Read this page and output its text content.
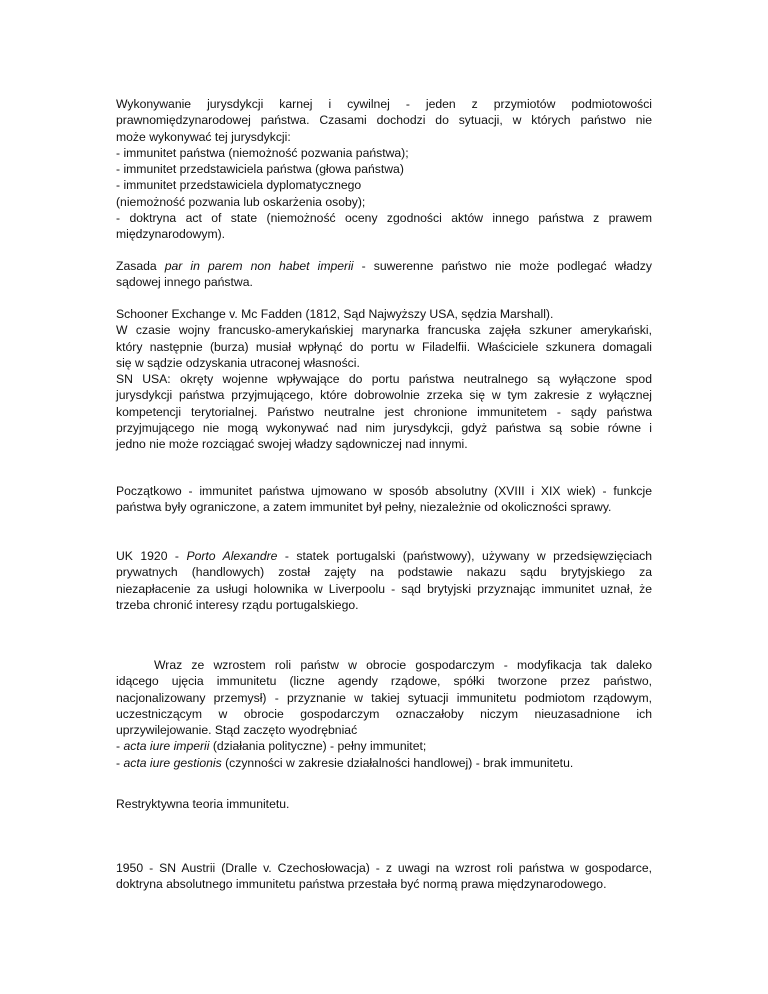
Wykonywanie jurysdykcji karnej i cywilnej - jeden z przymiotów podmiotowości
prawnomiędzynarodowej państwa. Czasami dochodzi do sytuacji, w których państwo nie
może wykonywać tej jurysdykcji:
- immunitet państwa (niemożność pozwania państwa);
- immunitet przedstawiciela państwa (głowa państwa)
- immunitet przedstawiciela dyplomatycznego
(niemożność pozwania lub oskarżenia osoby);
- doktryna act of state (niemożność oceny zgodności aktów innego państwa z prawem
międzynarodowym).
Zasada par in parem non habet imperii - suwerenne państwo nie może podlegać władzy
sądowej innego państwa.
Schooner Exchange v. Mc Fadden (1812, Sąd Najwyższy USA, sędzia Marshall).
W czasie wojny francusko-amerykańskiej marynarka francuska zajęła szkuner amerykański,
który następnie (burza) musiał wpłynąć do portu w Filadelfii. Właściciele szkunera domagali
się w sądzie odzyskania utraconej własności.
SN USA: okręty wojenne wpływające do portu państwa neutralnego są wyłączone spod
jurysdykcji państwa przyjmującego, które dobrowolnie zrzeka się w tym zakresie z wyłącznej
kompetencji terytorialnej. Państwo neutralne jest chronione immunitetem - sądy państwa
przyjmującego nie mogą wykonywać nad nim jurysdykcji, gdyż państwa są sobie równe i
jedno nie może rozciągać swojej władzy sądowniczej nad innymi.
Początkowo - immunitet państwa ujmowano w sposób absolutny (XVIII i XIX wiek) - funkcje
państwa były ograniczone, a zatem immunitet był pełny, niezależnie od okoliczności sprawy.
UK 1920 - Porto Alexandre - statek portugalski (państwowy), używany w przedsięwzięciach
prywatnych (handlowych) został zajęty na podstawie nakazu sądu brytyjskiego za
niezapłacenie za usługi holownika w Liverpoolu - sąd brytyjski przyznając immunitet uznał, że
trzeba chronić interesy rządu portugalskiego.
Wraz ze wzrostem roli państw w obrocie gospodarczym - modyfikacja tak daleko
idącego ujęcia immunitetu (liczne agendy rządowe, spółki tworzone przez państwo,
nacjonalizowany przemysł) - przyznanie w takiej sytuacji immunitetu podmiotom rządowym,
uczestniczącym w obrocie gospodarczym oznaczałoby niczym nieuzasadnione ich
uprzywilejowanie. Stąd zaczęto wyodrębniać
- acta iure imperii (działania polityczne) - pełny immunitet;
- acta iure gestionis (czynności w zakresie działalności handlowej) - brak immunitetu.
Restryktywna teoria immunitetu.
1950 - SN Austrii (Dralle v. Czechosłowacja) - z uwagi na wzrost roli państwa w gospodarce,
doktryna absolutnego immunitetu państwa przestała być normą prawa międzynarodowego.
